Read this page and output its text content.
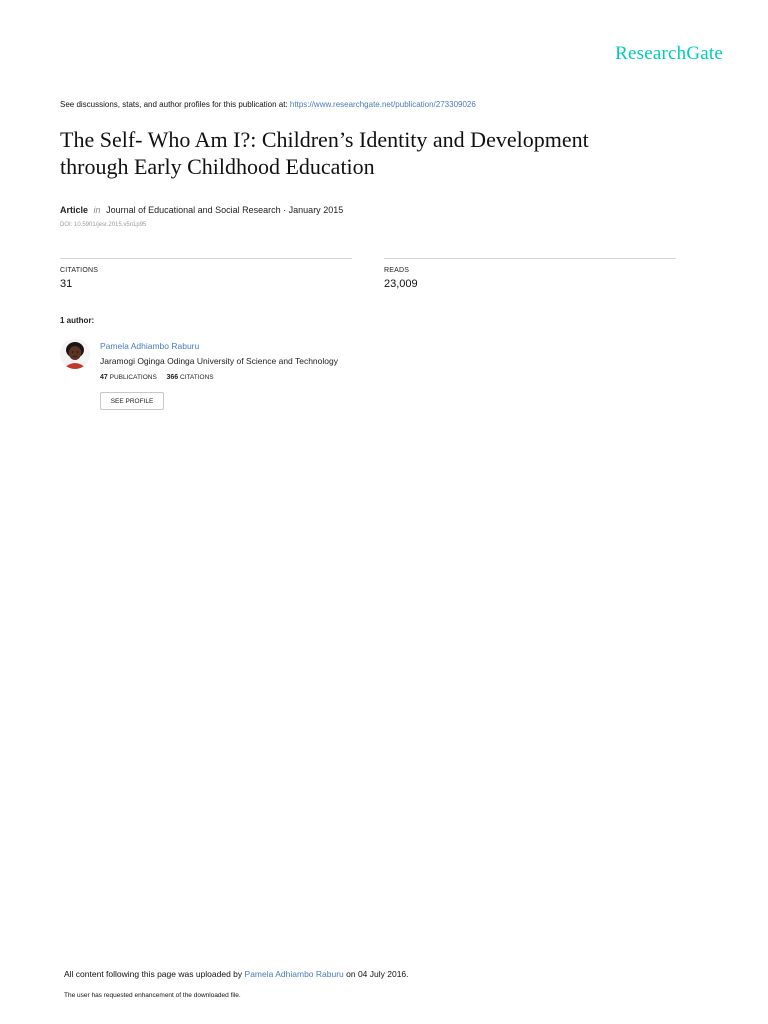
ResearchGate
See discussions, stats, and author profiles for this publication at: https://www.researchgate.net/publication/273309026
The Self- Who Am I?: Children’s Identity and Development
through Early Childhood Education
Article in Journal of Educational and Social Research · January 2015
DOI: 10.5901/jesr.2015.v5n1p95
CITATIONS
31
READS
23,009
1 author:
Pamela Adhiambo Raburu
Jaramogi Oginga Odinga University of Science and Technology
47 PUBLICATIONS 366 CITATIONS
SEE PROFILE
All content following this page was uploaded by Pamela Adhiambo Raburu on 04 July 2016.
The user has requested enhancement of the downloaded file.
